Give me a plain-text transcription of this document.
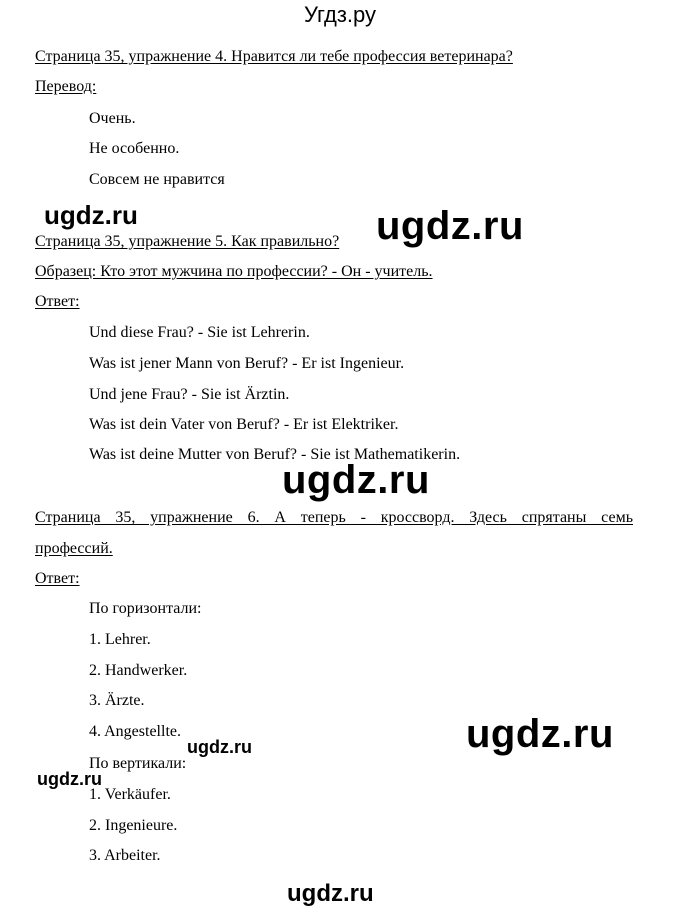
Угдз.ру
Страница 35, упражнение 4. Нравится ли тебе профессия ветеринара?
Перевод:
Очень.
Не особенно.
Совсем не нравится
Страница 35, упражнение 5. Как правильно?
Образец: Кто этот мужчина по профессии? - Он - учитель.
Ответ:
Und diese Frau? - Sie ist Lehrerin.
Was ist jener Mann von Beruf? - Er ist Ingenieur.
Und jene Frau? - Sie ist Ärztin.
Was ist dein Vater von Beruf? - Er ist Elektriker.
Was ist deine Mutter von Beruf? - Sie ist Mathematikerin.
Страница 35, упражнение 6. А теперь - кроссворд. Здесь спрятаны семь
профессий.
Ответ:
По горизонтали:
1. Lehrer.
2. Handwerker.
3. Ärzte.
4. Angestellte.
По вертикали:
1. Verkäufer.
2. Ingenieure.
3. Arbeiter.
ugdz.ru	ugdz.ru
ugdz.ru
ugdz.ru
ugdz.ru
ugdz.ru
ugdz.ru
